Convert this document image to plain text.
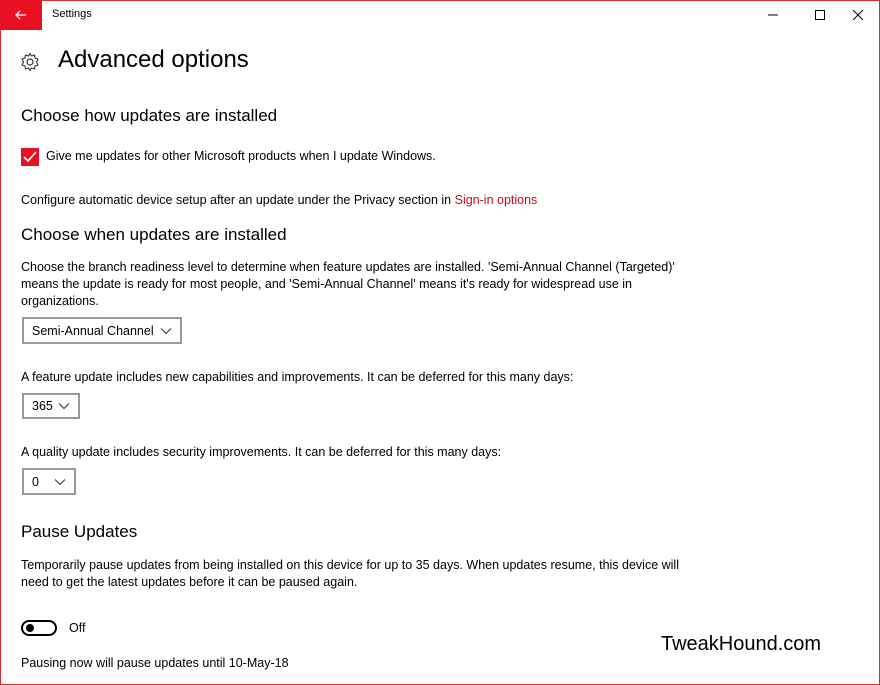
Settings
Advanced options
Choose how updates are installed
Give me updates for other Microsoft products when I update Windows.
Configure automatic device setup after an update under the Privacy section in Sign-in options
Choose when updates are installed
Choose the branch readiness level to determine when feature updates are installed. 'Semi-Annual Channel (Targeted)'
means the update is ready for most people, and 'Semi-Annual Channel' means it's ready for widespread use in
organizations.
Semi-Annual Channel
A feature update includes new capabilities and improvements. It can be deferred for this many days:
365
A quality update includes security improvements. It can be deferred for this many days:
0
Pause Updates
Temporarily pause updates from being installed on this device for up to 35 days. When updates resume, this device will
need to get the latest updates before it can be paused again.
Off
Pausing now will pause updates until 10-May-18
TweakHound.com
